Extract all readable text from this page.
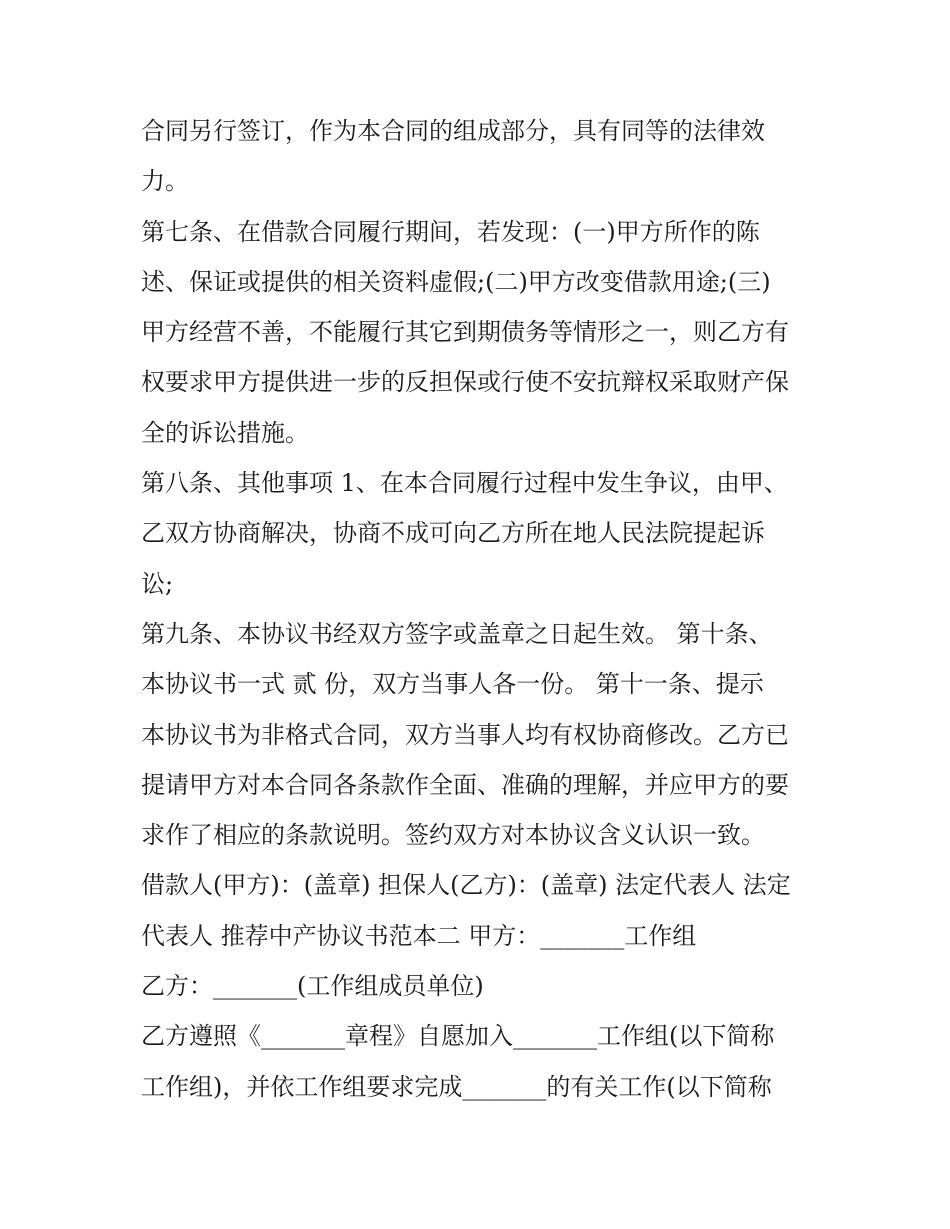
合同另行签订，作为本合同的组成部分，具有同等的法律效
力。
第七条、在借款合同履行期间，若发现：(一)甲方所作的陈
述、保证或提供的相关资料虚假;(二)甲方改变借款用途;(三)
甲方经营不善，不能履行其它到期债务等情形之一，则乙方有
权要求甲方提供进一步的反担保或行使不安抗辩权采取财产保
全的诉讼措施。
第八条、其他事项 1、在本合同履行过程中发生争议，由甲、
乙双方协商解决，协商不成可向乙方所在地人民法院提起诉
讼;
第九条、本协议书经双方签字或盖章之日起生效。 第十条、
本协议书一式 贰 份，双方当事人各一份。 第十一条、提示
本协议书为非格式合同，双方当事人均有权协商修改。乙方已
提请甲方对本合同各条款作全面、准确的理解，并应甲方的要
求作了相应的条款说明。签约双方对本协议含义认识一致。
借款人(甲方)：(盖章) 担保人(乙方)：(盖章) 法定代表人 法定
代表人 推荐中产协议书范本二 甲方：_______工作组
乙方：_______(工作组成员单位)
乙方遵照《_______章程》自愿加入_______工作组(以下简称
工作组)，并依工作组要求完成_______的有关工作(以下简称
